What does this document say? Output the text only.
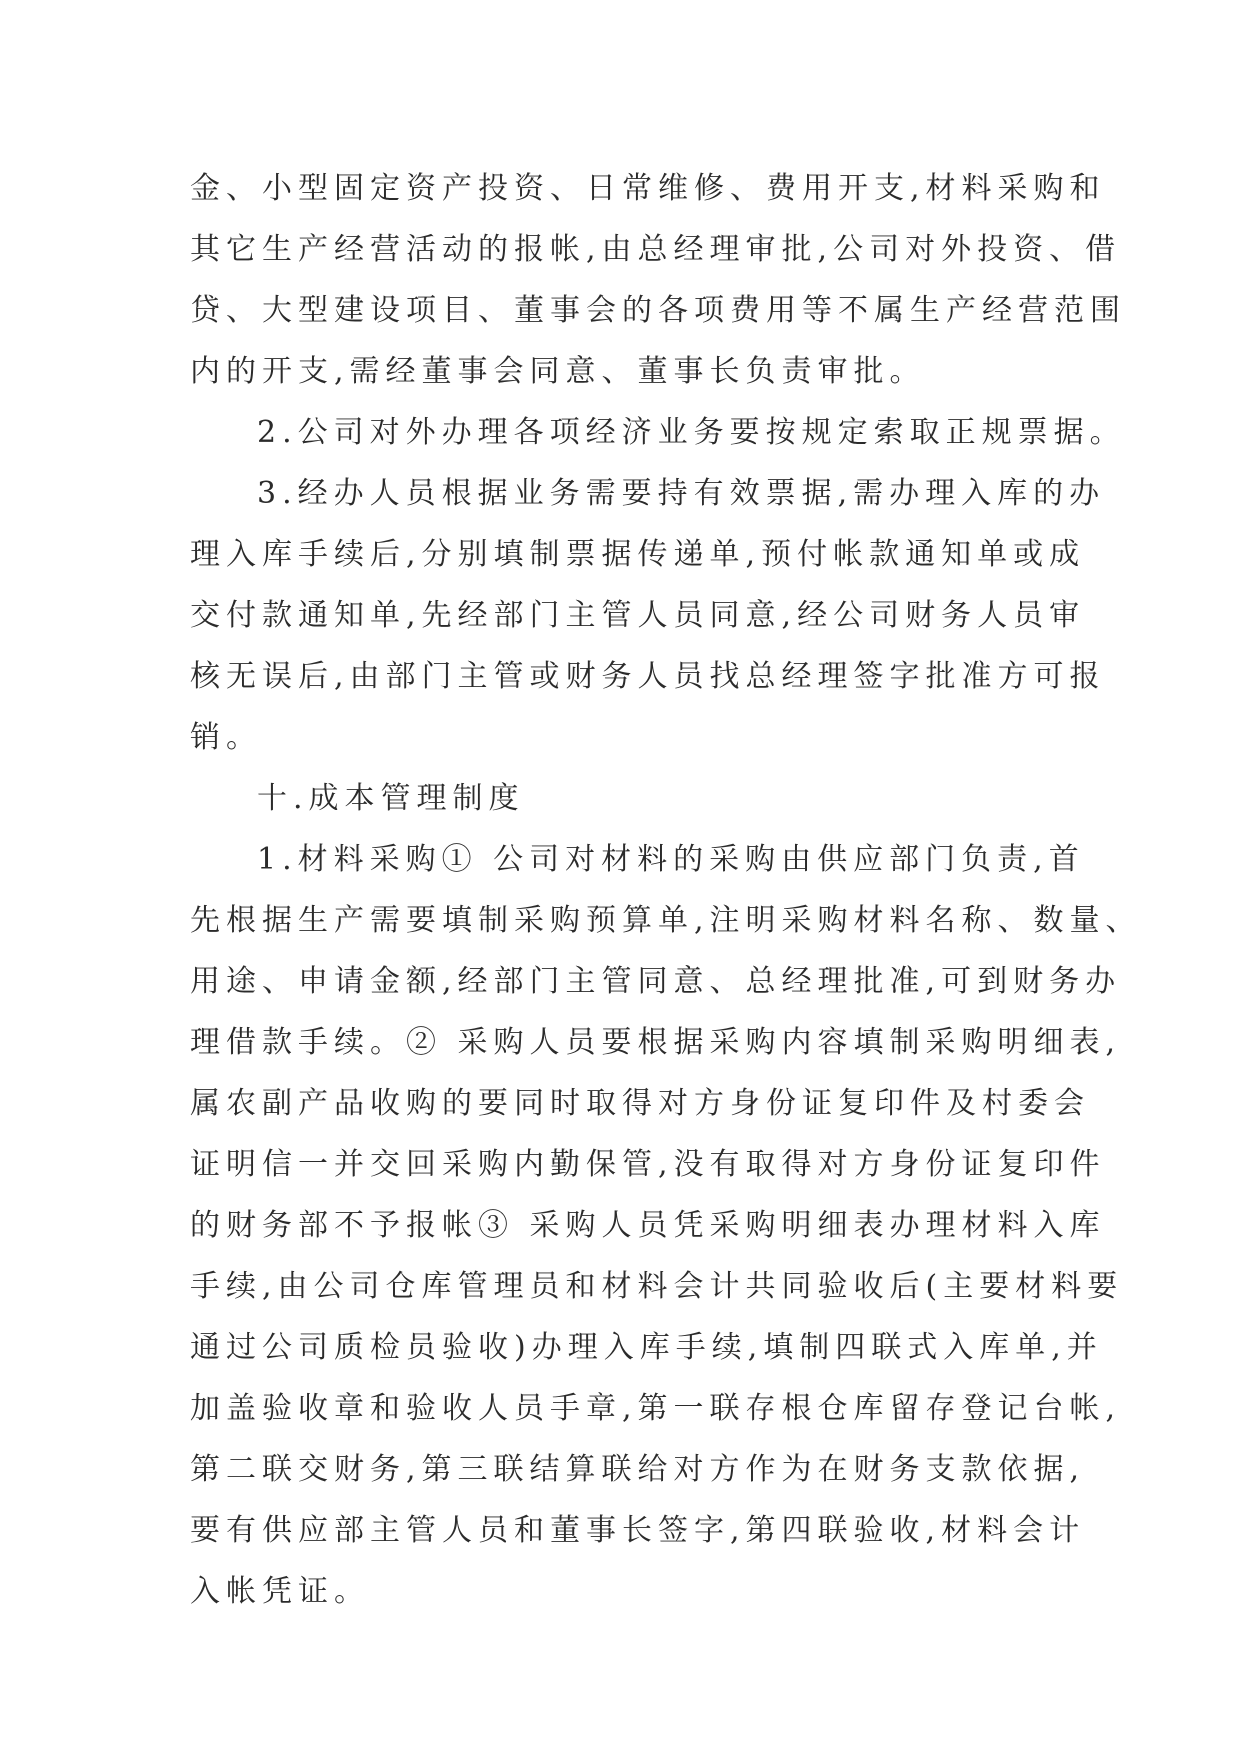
金、小型固定资产投资、日常维修、费用开支,材料采购和
其它生产经营活动的报帐,由总经理审批,公司对外投资、借
贷、大型建设项目、董事会的各项费用等不属生产经营范围
内的开支,需经董事会同意、董事长负责审批。
2.公司对外办理各项经济业务要按规定索取正规票据。
3.经办人员根据业务需要持有效票据,需办理入库的办
理入库手续后,分别填制票据传递单,预付帐款通知单或成
交付款通知单,先经部门主管人员同意,经公司财务人员审
核无误后,由部门主管或财务人员找总经理签字批准方可报
销。
十.成本管理制度
1.材料采购① 公司对材料的采购由供应部门负责,首
先根据生产需要填制采购预算单,注明采购材料名称、数量、
用途、申请金额,经部门主管同意、总经理批准,可到财务办
理借款手续。② 采购人员要根据采购内容填制采购明细表,
属农副产品收购的要同时取得对方身份证复印件及村委会
证明信一并交回采购内勤保管,没有取得对方身份证复印件
的财务部不予报帐③ 采购人员凭采购明细表办理材料入库
手续,由公司仓库管理员和材料会计共同验收后(主要材料要
通过公司质检员验收)办理入库手续,填制四联式入库单,并
加盖验收章和验收人员手章,第一联存根仓库留存登记台帐,
第二联交财务,第三联结算联给对方作为在财务支款依据,
要有供应部主管人员和董事长签字,第四联验收,材料会计
入帐凭证。
